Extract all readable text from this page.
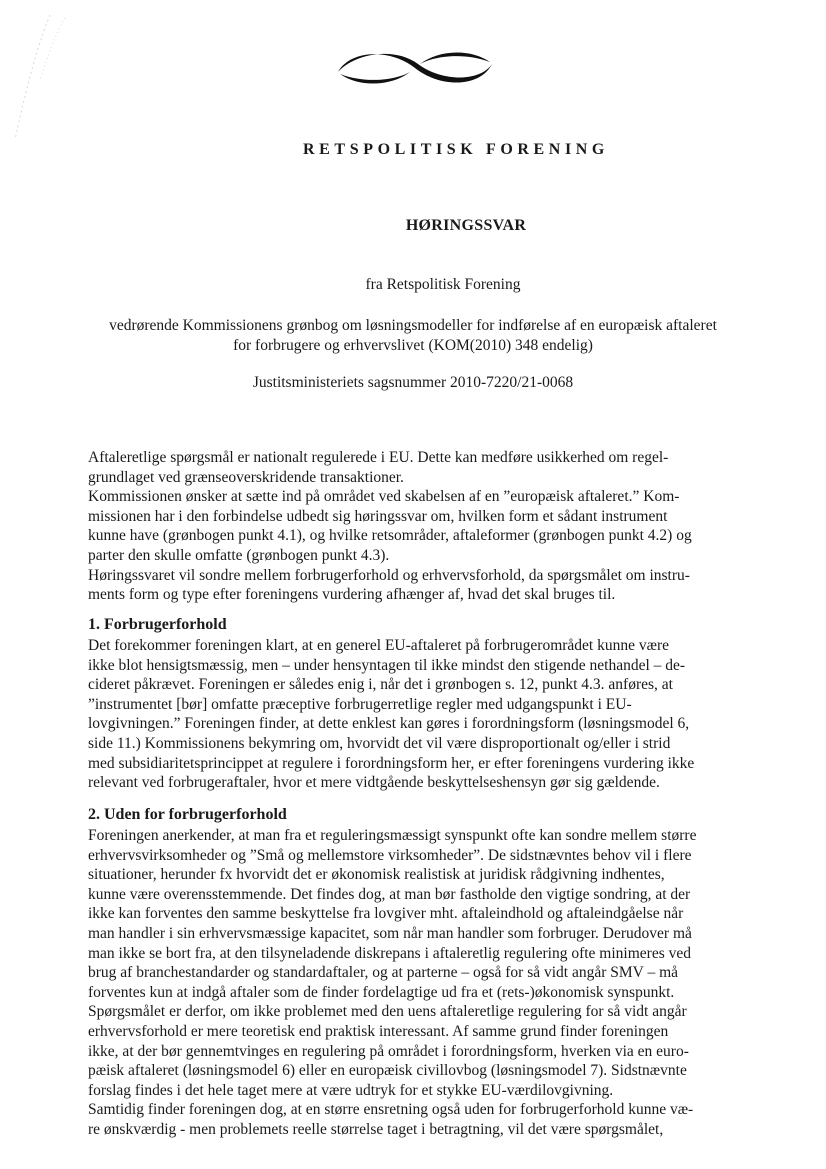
RETSPOLITISK FORENING
HØRINGSSVAR
fra Retspolitisk Forening
vedrørende Kommissionens grønbog om løsningsmodeller for indførelse af en europæisk aftaleret
for forbrugere og erhvervslivet (KOM(2010) 348 endelig)
Justitsministeriets sagsnummer 2010-7220/21-0068

Aftaleretlige spørgsmål er nationalt regulerede i EU. Dette kan medføre usikkerhed om regel-

grundlaget ved grænseoverskridende transaktioner.

Kommissionen ønsker at sætte ind på området ved skabelsen af en ”europæisk aftaleret.” Kom-

missionen har i den forbindelse udbedt sig høringssvar om, hvilken form et sådant instrument

kunne have (grønbogen punkt 4.1), og hvilke retsområder, aftaleformer (grønbogen punkt 4.2) og

parter den skulle omfatte (grønbogen punkt 4.3).

Høringssvaret vil sondre mellem forbrugerforhold og erhvervsforhold, da spørgsmålet om instru-

ments form og type efter foreningens vurdering afhænger af, hvad det skal bruges til.

1. Forbrugerforhold

Det forekommer foreningen klart, at en generel EU-aftaleret på forbrugerområdet kunne være

ikke blot hensigtsmæssig, men – under hensyntagen til ikke mindst den stigende nethandel – de-

cideret påkrævet. Foreningen er således enig i, når det i grønbogen s. 12, punkt 4.3. anføres, at

”instrumentet [bør] omfatte præceptive forbrugerretlige regler med udgangspunkt i EU-

lovgivningen.” Foreningen finder, at dette enklest kan gøres i forordningsform (løsningsmodel 6,

side 11.) Kommissionens bekymring om, hvorvidt det vil være disproportionalt og/eller i strid

med subsidiaritetsprincippet at regulere i forordningsform her, er efter foreningens vurdering ikke

relevant ved forbrugeraftaler, hvor et mere vidtgående beskyttelseshensyn gør sig gældende.

2. Uden for forbrugerforhold

Foreningen anerkender, at man fra et reguleringsmæssigt synspunkt ofte kan sondre mellem større

erhvervsvirksomheder og ”Små og mellemstore virksomheder”. De sidstnævntes behov vil i flere

situationer, herunder fx hvorvidt det er økonomisk realistisk at juridisk rådgivning indhentes,

kunne være overensstemmende. Det findes dog, at man bør fastholde den vigtige sondring, at der

ikke kan forventes den samme beskyttelse fra lovgiver mht. aftaleindhold og aftaleindgåelse når

man handler i sin erhvervsmæssige kapacitet, som når man handler som forbruger. Derudover må

man ikke se bort fra, at den tilsyneladende diskrepans i aftaleretlig regulering ofte minimeres ved

brug af branchestandarder og standardaftaler, og at parterne – også for så vidt angår SMV – må

forventes kun at indgå aftaler som de finder fordelagtige ud fra et (rets-)økonomisk synspunkt.

Spørgsmålet er derfor, om ikke problemet med den uens aftaleretlige regulering for så vidt angår

erhvervsforhold er mere teoretisk end praktisk interessant. Af samme grund finder foreningen

ikke, at der bør gennemtvinges en regulering på området i forordningsform, hverken via en euro-

pæisk aftaleret (løsningsmodel 6) eller en europæisk civillovbog (løsningsmodel 7). Sidstnævnte

forslag findes i det hele taget mere at være udtryk for et stykke EU-værdilovgivning.

Samtidig finder foreningen dog, at en større ensretning også uden for forbrugerforhold kunne væ-

re ønskværdig - men problemets reelle størrelse taget i betragtning, vil det være spørgsmålet,
